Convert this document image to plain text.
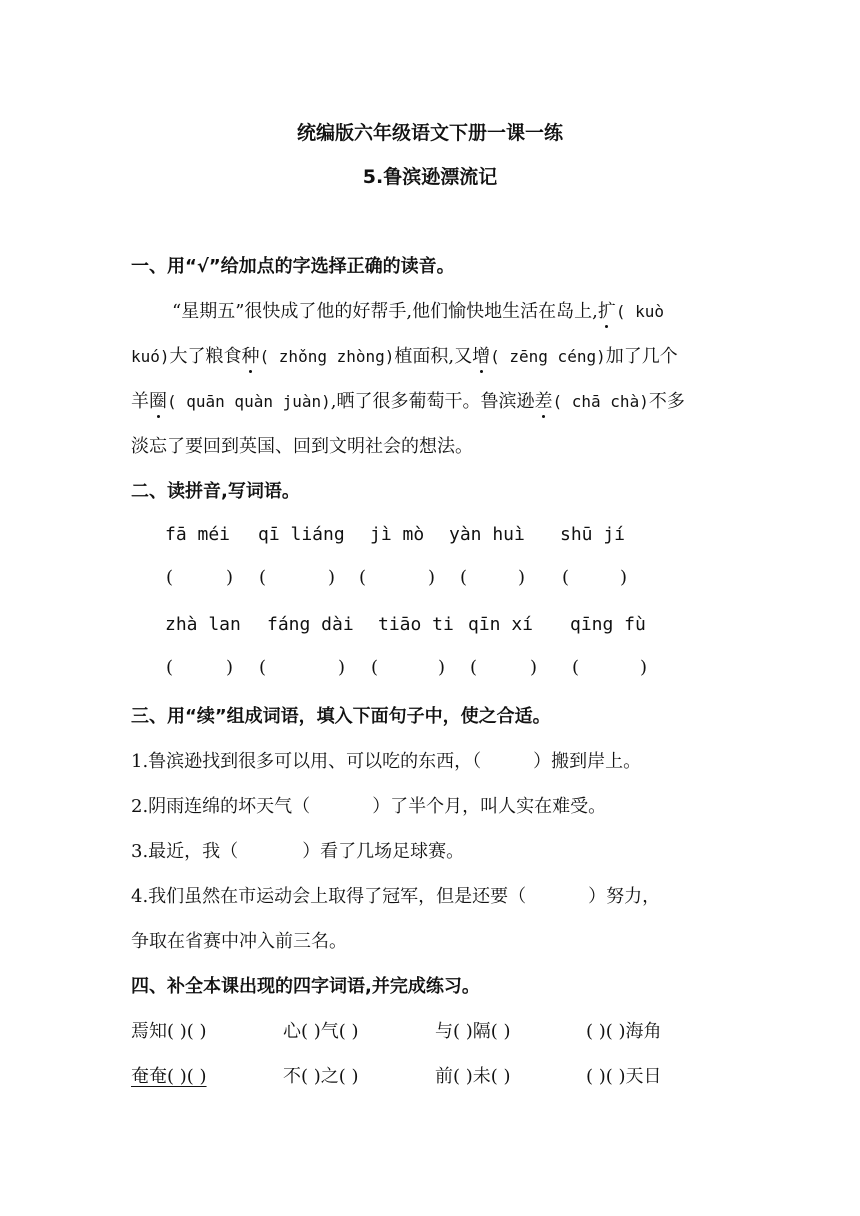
统编版六年级语文下册一课一练
5.鲁滨逊漂流记
一、用“√”给加点的字选择正确的读音。
“星期五”很快成了他的好帮手,他们愉快地生活在岛上,扩( kuò
kuó)大了粮食种( zhǒng zhòng)植面积,又增( zēng céng)加了几个
羊圈( quān quàn juàn),晒了很多葡萄干。鲁滨逊差( chā chà)不多
淡忘了要回到英国、回到文明社会的想法。
二、读拼音,写词语。
fā méi qī liáng jì mò yàn huì shū jí
(	) (	) (	) (	) (	)
zhà lan fáng dài tiāo ti qīn xí qīng fù
(	) (	) (	) (	) (	)
三、用“续”组成词语，填入下面句子中，使之合适。
1.鲁滨逊找到很多可以用、可以吃的东西，（	）搬到岸上。
2.阴雨连绵的坏天气（	）了半个月，叫人实在难受。
3.最近，我（	）看了几场足球赛。
4.我们虽然在市运动会上取得了冠军，但是还要（	）努力，
争取在省赛中冲入前三名。
四、补全本课出现的四字词语,并完成练习。
焉知( )( )	心( )气( )	与( )隔( )	( )( )海角
奄奄( )( )	不( )之( )	前( )未( )	( )( )天日
